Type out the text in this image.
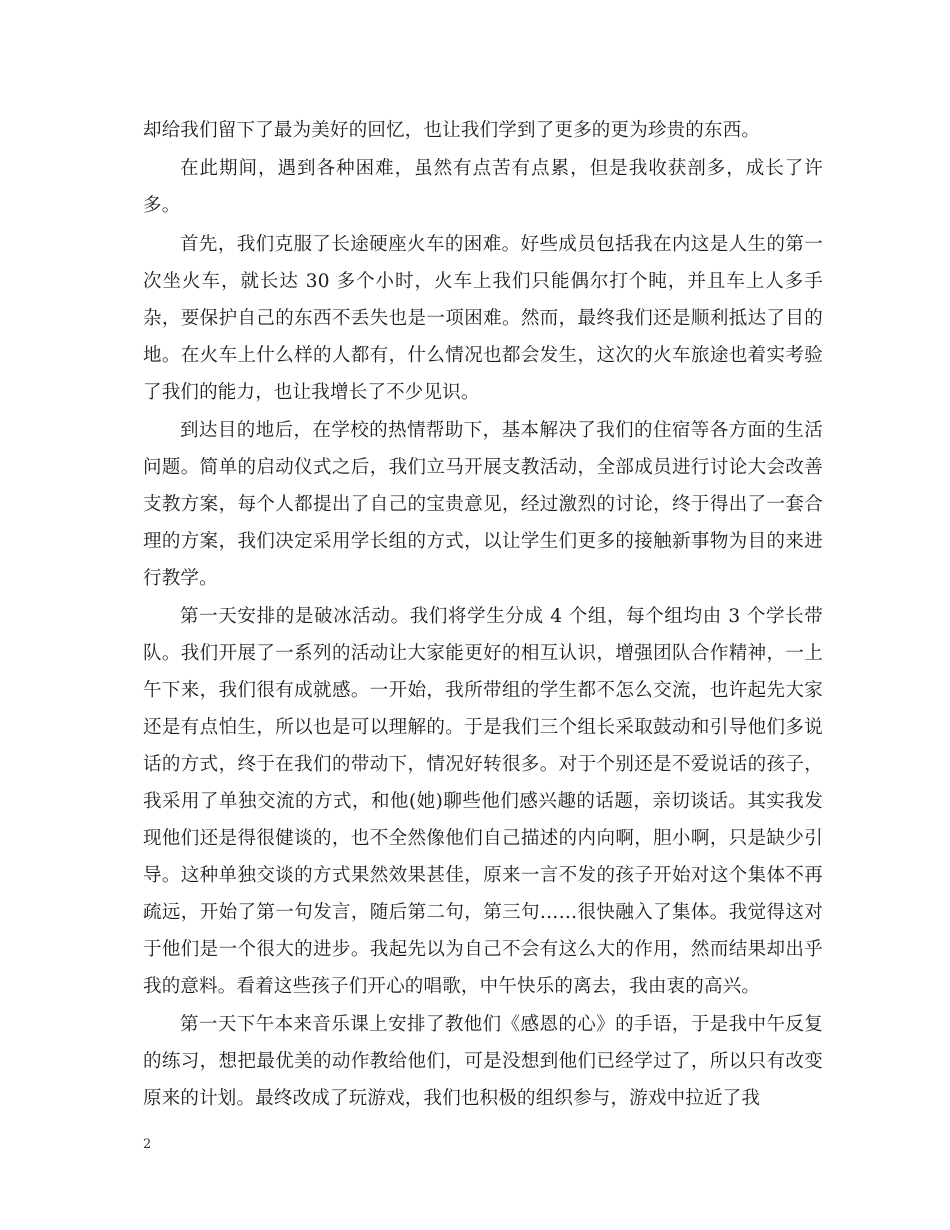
却给我们留下了最为美好的回忆，也让我们学到了更多的更为珍贵的东西。

在此期间，遇到各种困难，虽然有点苦有点累，但是我收获剖多，成长了许多。

首先，我们克服了长途硬座火车的困难。好些成员包括我在内这是人生的第一次坐火车，就长达 30 多个小时，火车上我们只能偶尔打个盹，并且车上人多手杂，要保护自己的东西不丢失也是一项困难。然而，最终我们还是顺利抵达了目的地。在火车上什么样的人都有，什么情况也都会发生，这次的火车旅途也着实考验了我们的能力，也让我增长了不少见识。

到达目的地后，在学校的热情帮助下，基本解决了我们的住宿等各方面的生活问题。简单的启动仪式之后，我们立马开展支教活动，全部成员进行讨论大会改善支教方案，每个人都提出了自己的宝贵意见，经过激烈的讨论，终于得出了一套合理的方案，我们决定采用学长组的方式，以让学生们更多的接触新事物为目的来进行教学。

第一天安排的是破冰活动。我们将学生分成 4 个组，每个组均由 3 个学长带队。我们开展了一系列的活动让大家能更好的相互认识，增强团队合作精神，一上午下来，我们很有成就感。一开始，我所带组的学生都不怎么交流，也许起先大家还是有点怕生，所以也是可以理解的。于是我们三个组长采取鼓动和引导他们多说话的方式，终于在我们的带动下，情况好转很多。对于个别还是不爱说话的孩子，我采用了单独交流的方式，和他(她)聊些他们感兴趣的话题，亲切谈话。其实我发现他们还是得很健谈的，也不全然像他们自己描述的内向啊，胆小啊，只是缺少引导。这种单独交谈的方式果然效果甚佳，原来一言不发的孩子开始对这个集体不再疏远，开始了第一句发言，随后第二句，第三句……很快融入了集体。我觉得这对于他们是一个很大的进步。我起先以为自己不会有这么大的作用，然而结果却出乎我的意料。看着这些孩子们开心的唱歌，中午快乐的离去，我由衷的高兴。

第一天下午本来音乐课上安排了教他们《感恩的心》的手语，于是我中午反复的练习，想把最优美的动作教给他们，可是没想到他们已经学过了，所以只有改变原来的计划。最终改成了玩游戏，我们也积极的组织参与，游戏中拉近了我

2
